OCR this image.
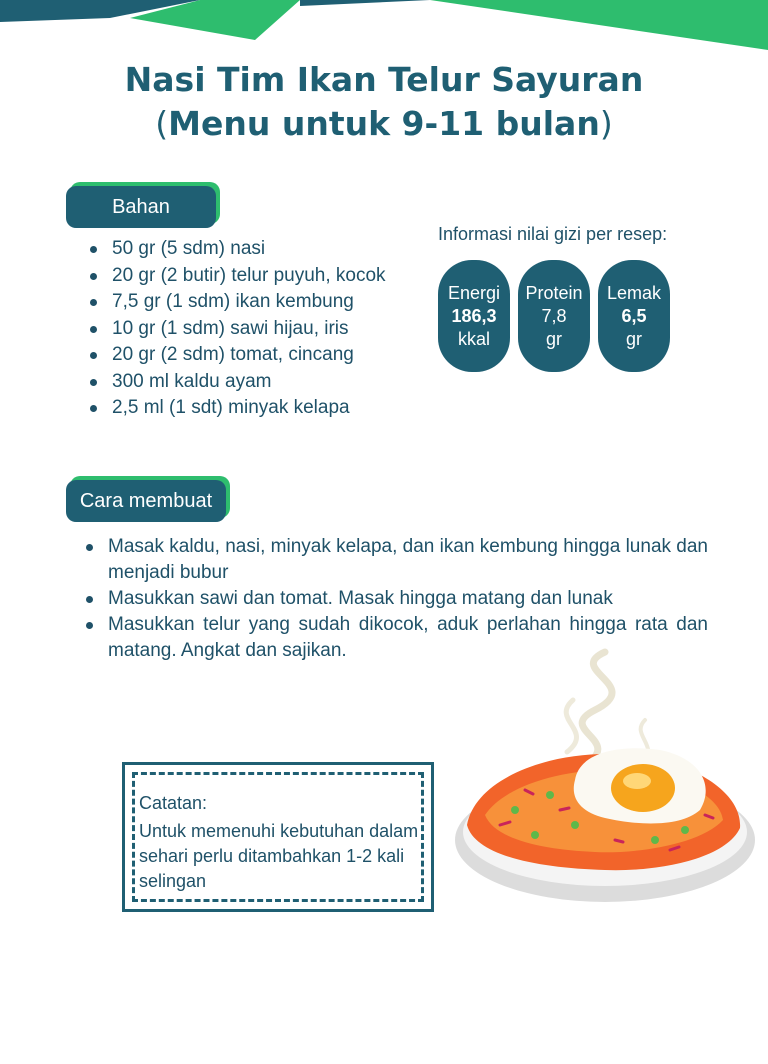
Nasi Tim Ikan Telur Sayuran
(Menu untuk 9-11 bulan)
Bahan
50 gr (5 sdm) nasi
20 gr (2 butir) telur puyuh, kocok
7,5 gr (1 sdm) ikan kembung
10 gr (1 sdm) sawi hijau, iris
20 gr (2 sdm) tomat, cincang
300 ml kaldu ayam
2,5 ml (1 sdt) minyak kelapa
Informasi nilai gizi per resep:
Energi
186,3
kkal
Protein
7,8
gr
Lemak
6,5
gr
Cara membuat
Masak kaldu, nasi, minyak kelapa, dan ikan kembung hingga lunak dan menjadi bubur
Masukkan sawi dan tomat. Masak hingga matang dan lunak
Masukkan telur yang sudah dikocok, aduk perlahan hingga rata dan matang. Angkat dan sajikan.
Catatan:
Untuk memenuhi kebutuhan dalam sehari perlu ditambahkan 1-2 kali selingan
